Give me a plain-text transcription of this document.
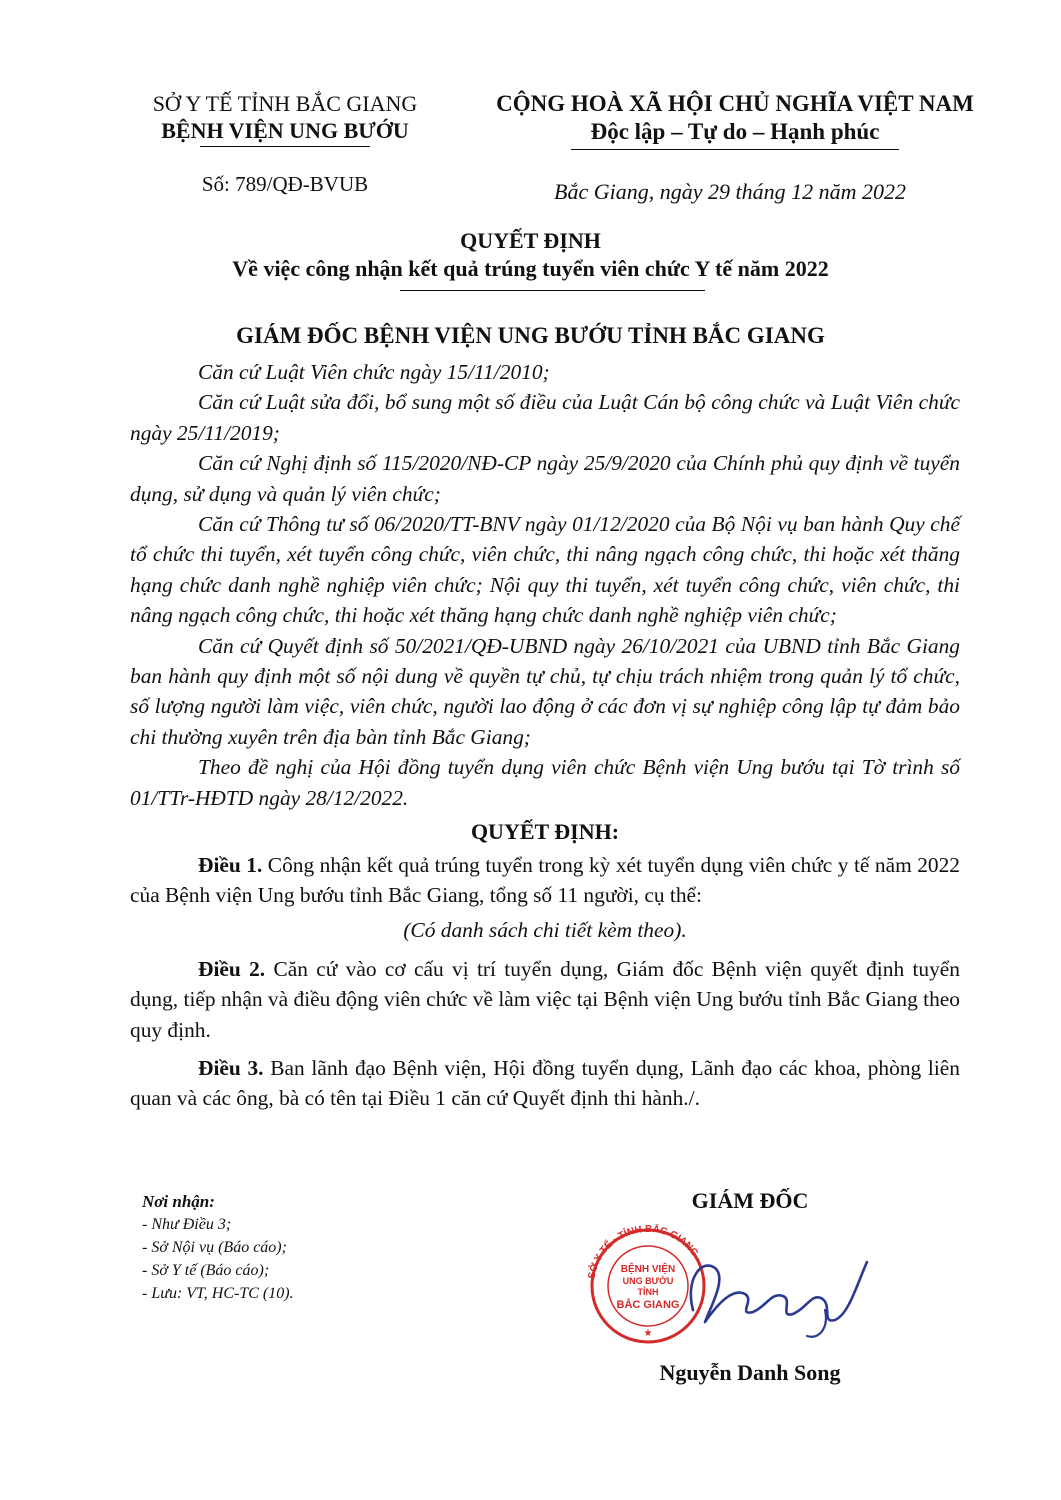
SỞ Y TẾ TỈNH BẮC GIANG
BỆNH VIỆN UNG BƯỚU
Số: 789/QĐ-BVUB
CỘNG HOÀ XÃ HỘI CHỦ NGHĨA VIỆT NAM
Độc lập – Tự do – Hạnh phúc
Bắc Giang, ngày 29 tháng 12 năm 2022
QUYẾT ĐỊNH
Về việc công nhận kết quả trúng tuyển viên chức Y tế năm 2022
GIÁM ĐỐC BỆNH VIỆN UNG BƯỚU TỈNH BẮC GIANG

Căn cứ Luật Viên chức ngày 15/11/2010;

Căn cứ Luật sửa đổi, bổ sung một số điều của Luật Cán bộ công chức và Luật Viên chức ngày 25/11/2019;

Căn cứ Nghị định số 115/2020/NĐ-CP ngày 25/9/2020 của Chính phủ quy định về tuyển dụng, sử dụng và quản lý viên chức;

Căn cứ Thông tư số 06/2020/TT-BNV ngày 01/12/2020 của Bộ Nội vụ ban hành Quy chế tổ chức thi tuyển, xét tuyển công chức, viên chức, thi nâng ngạch công chức, thi hoặc xét thăng hạng chức danh nghề nghiệp viên chức; Nội quy thi tuyển, xét tuyển công chức, viên chức, thi nâng ngạch công chức, thi hoặc xét thăng hạng chức danh nghề nghiệp viên chức;

Căn cứ Quyết định số 50/2021/QĐ-UBND ngày 26/10/2021 của UBND tỉnh Bắc Giang ban hành quy định một số nội dung về quyền tự chủ, tự chịu trách nhiệm trong quản lý tổ chức, số lượng người làm việc, viên chức, người lao động ở các đơn vị sự nghiệp công lập tự đảm bảo chi thường xuyên trên địa bàn tỉnh Bắc Giang;

Theo đề nghị của Hội đồng tuyển dụng viên chức Bệnh viện Ung bướu tại Tờ trình số 01/TTr-HĐTD ngày 28/12/2022.

QUYẾT ĐỊNH:

Điều 1. Công nhận kết quả trúng tuyển trong kỳ xét tuyển dụng viên chức y tế năm 2022 của Bệnh viện Ung bướu tỉnh Bắc Giang, tổng số 11 người, cụ thể:

(Có danh sách chi tiết kèm theo).

Điều 2. Căn cứ vào cơ cấu vị trí tuyển dụng, Giám đốc Bệnh viện quyết định tuyển dụng, tiếp nhận và điều động viên chức về làm việc tại Bệnh viện Ung bướu tỉnh Bắc Giang theo quy định.

Điều 3. Ban lãnh đạo Bệnh viện, Hội đồng tuyển dụng, Lãnh đạo các khoa, phòng liên quan và các ông, bà có tên tại Điều 1 căn cứ Quyết định thi hành./.

Nơi nhận:
- Như Điều 3;
- Sở Nội vụ (Báo cáo);
- Sở Y tế (Báo cáo);
- Lưu: VT, HC-TC (10).
GIÁM ĐỐC
SỞ Y TẾ · TỈNH BẮC GIANG ·
BỆNH VIỆN
UNG BƯỚU
TỈNH
BẮC GIANG
★
Nguyễn Danh Song
